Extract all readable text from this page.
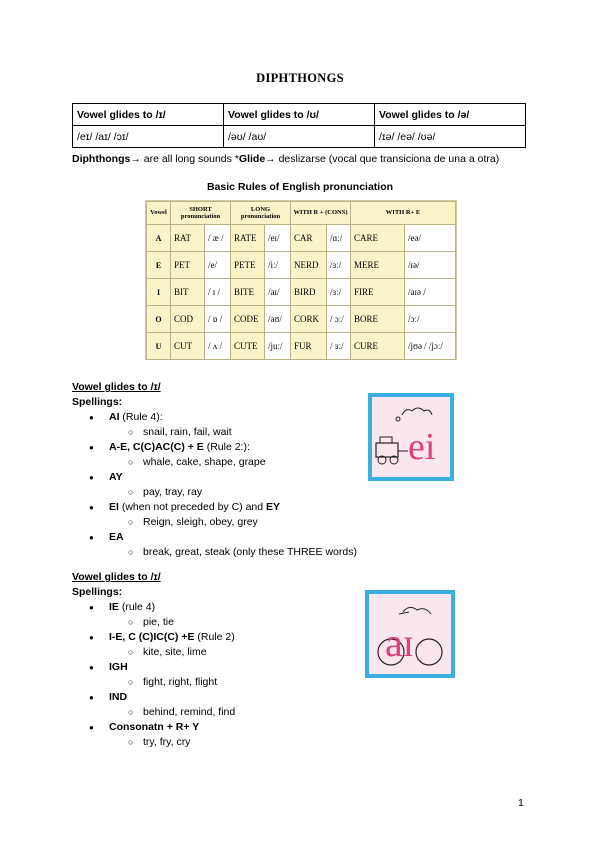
DIPHTHONGS
Vowel glides to /ɪ/	Vowel glides to /ʊ/	Vowel glides to /ə/
/eɪ/ /aɪ/ /ɔɪ/	/əʊ/ /aʊ/	/ɪə/ /eə/ /ʊə/
Diphthongs→ are all long sounds *Glide→ deslizarse (vocal que transiciona de una a otra)
Basic Rules of English pronunciation
Vowel	SHORT pronunciation		LONG pronunciation		WITH R + (CONS)		WITH R+ E	
A	RAT	/ æ /	RATE	/eɪ/	CAR	/ɑː/	CARE	/eə/
E	PET	/e/	PETE	/iː/	NERD	/ɜː/	MERE	/ɪə/
I	BIT	/ ɪ /	BITE	/aɪ/	BIRD	/ɜː/	FIRE	/aɪə /
O	COD	/ ɒ /	CODE	/əʊ/	CORK	/ ɔː/	BORE	/ɔː/
U	CUT	/ ʌ /	CUTE	/juː/	FUR	/ ɜː/	CURE	/jʊə / /jɔː/
Vowel glides to /ɪ/
Spellings:
● AI (Rule 4):
○ snail, rain, fail, wait
● A-E, C(C)AC(C) + E (Rule 2:):
○ whale, cake, shape, grape
● AY
○ pay, tray, ray
● EI (when not preceded by C) and EY
○ Reign, sleigh, obey, grey
● EA
○ break, great, steak (only these THREE words)
ei
Vowel glides to /ɪ/
Spellings:
● IE (rule 4)
○ pie, tie
● I-E, C (C)IC(C) +E (Rule 2)
○ kite, site, lime
● IGH
○ fight, right, flight
● IND
○ behind, remind, find
● Consonatn + R+ Y
○ try, fry, cry
aɪ
1
